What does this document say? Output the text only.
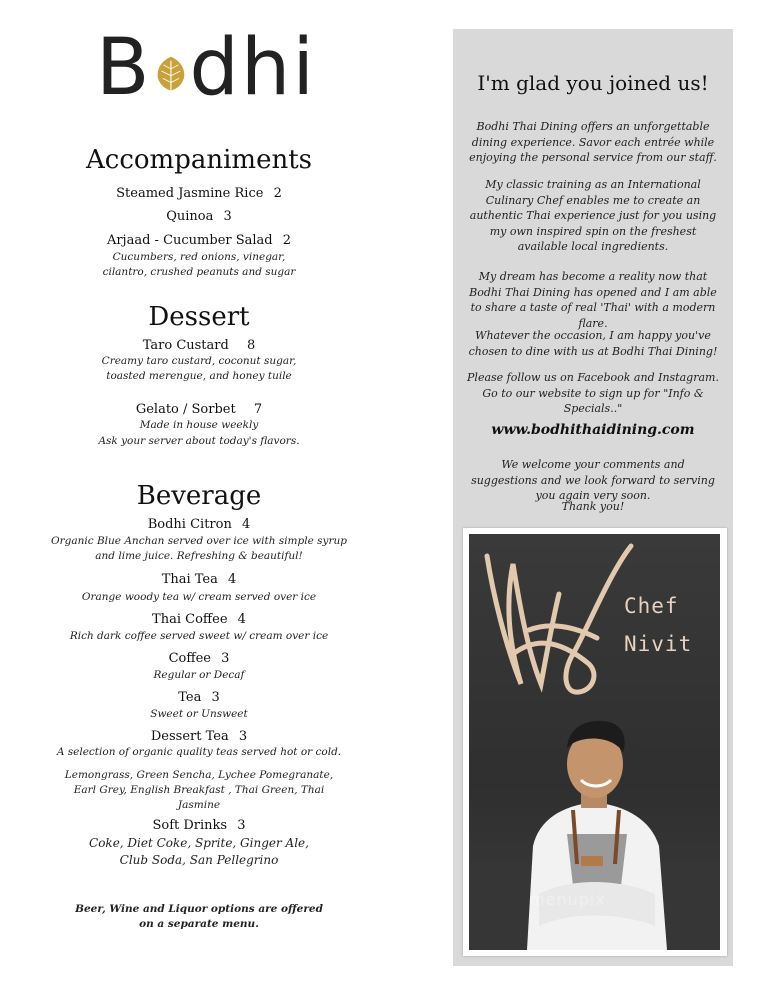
B dhi
Accompaniments
Steamed Jasmine Rice 2
Quinoa 3
Arjaad - Cucumber Salad 2
Cucumbers, red onions, vinegar, cilantro, crushed peanuts and sugar
Dessert
Taro Custard 8
Creamy taro custard, coconut sugar, toasted merengue, and honey tuile
Gelato / Sorbet 7
Made in house weekly
Ask your server about today's flavors.
Beverage
Bodhi Citron 4
Organic Blue Anchan served over ice with simple syrup and lime juice. Refreshing & beautiful!
Thai Tea 4
Orange woody tea w/ cream served over ice
Thai Coffee 4
Rich dark coffee served sweet w/ cream over ice
Coffee 3
Regular or Decaf
Tea 3
Sweet or Unsweet
Dessert Tea 3
A selection of organic quality teas served hot or cold.
Lemongrass, Green Sencha, Lychee Pomegranate, Earl Grey, English Breakfast , Thai Green, Thai Jasmine
Soft Drinks 3
Coke, Diet Coke, Sprite, Ginger Ale, Club Soda, San Pellegrino
Beer, Wine and Liquor options are offered on a separate menu.
I'm glad you joined us!
Bodhi Thai Dining offers an unforgettable dining experience. Savor each entrée while enjoying the personal service from our staff.
My classic training as an International Culinary Chef enables me to create an authentic Thai experience just for you using my own inspired spin on the freshest available local ingredients.
My dream has become a reality now that Bodhi Thai Dining has opened and I am able to share a taste of real 'Thai' with a modern flare.
Whatever the occasion, I am happy you've chosen to dine with us at Bodhi Thai Dining!
Please follow us on Facebook and Instagram. Go to our website to sign up for "Info & Specials.."
www.bodhithaidining.com
We welcome your comments and suggestions and we look forward to serving you again very soon.
Thank you!
menupix
Chef
Nivit
